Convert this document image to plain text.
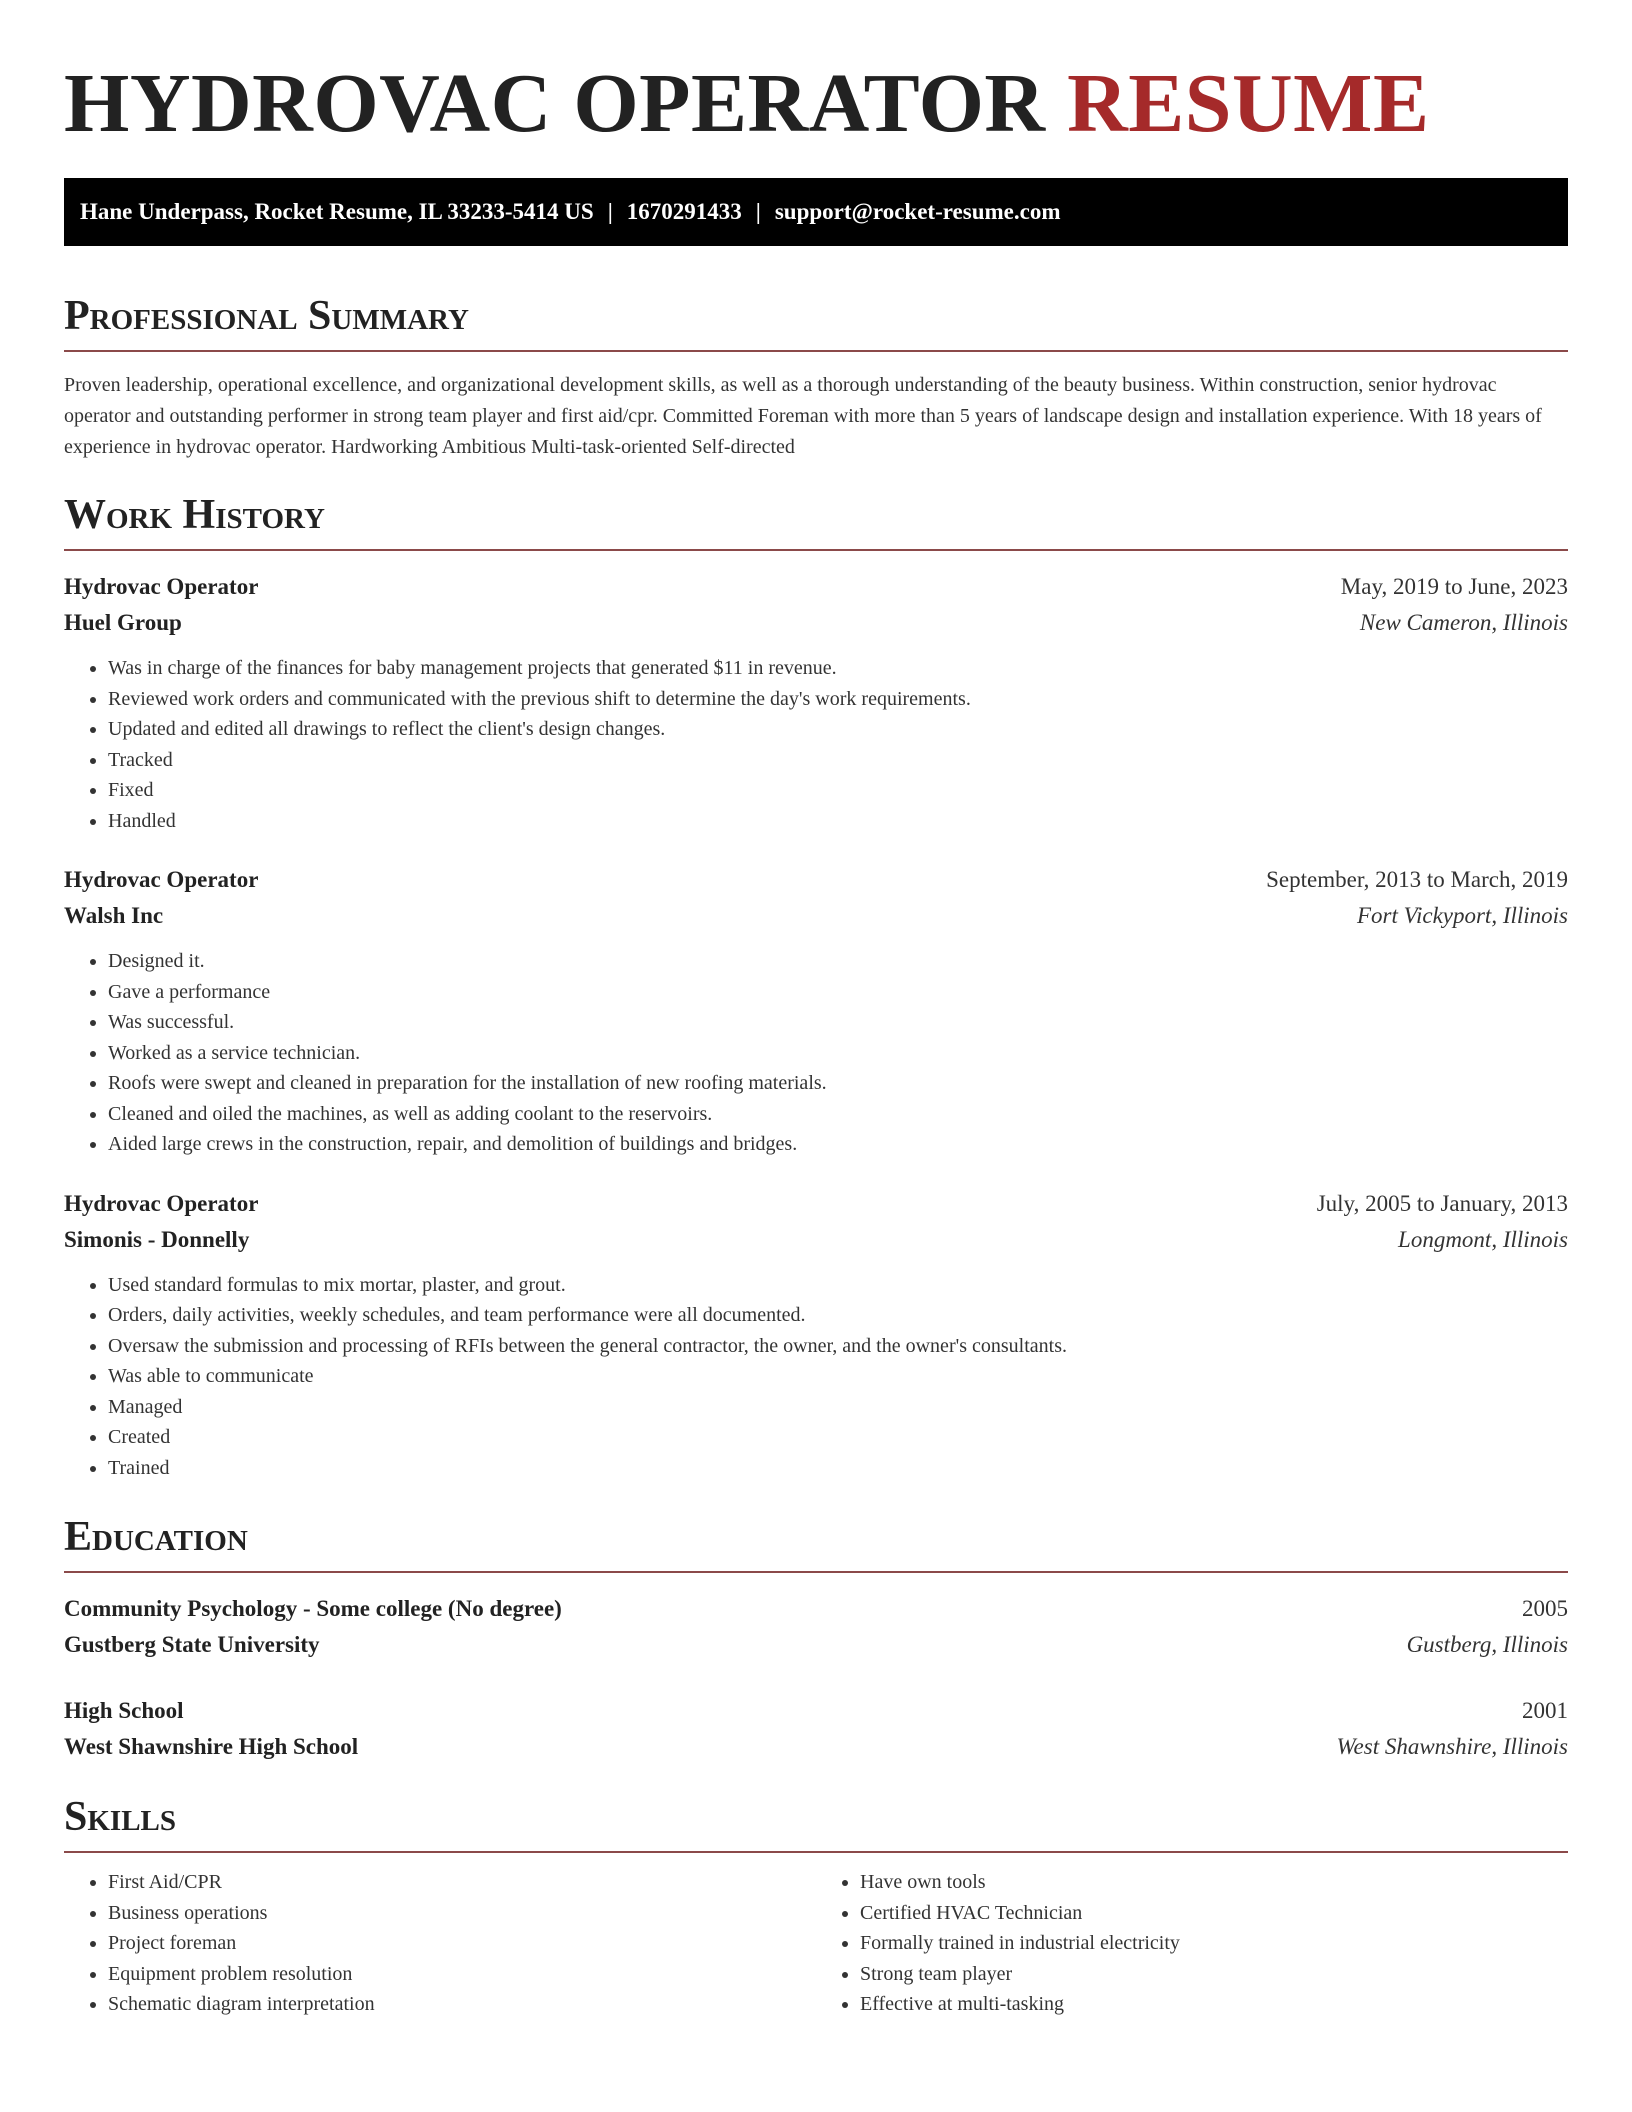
HYDROVAC OPERATOR RESUME
Hane Underpass, Rocket Resume, IL 33233-5414 US | 1670291433 | support@rocket-resume.com
Professional Summary

Proven leadership, operational excellence, and organizational development skills, as well as a thorough understanding of the beauty business. Within construction, senior hydrovac operator and outstanding performer in strong team player and first aid/cpr. Committed Foreman with more than 5 years of landscape design and installation experience. With 18 years of experience in hydrovac operator. Hardworking Ambitious Multi-task-oriented Self-directed

Work History
Hydrovac Operator	May, 2019 to June, 2023
Huel Group	New Cameron, Illinois
• Was in charge of the finances for baby management projects that generated $11 in revenue.
• Reviewed work orders and communicated with the previous shift to determine the day's work requirements.
• Updated and edited all drawings to reflect the client's design changes.
• Tracked
• Fixed
• Handled
Hydrovac Operator	September, 2013 to March, 2019
Walsh Inc	Fort Vickyport, Illinois
• Designed it.
• Gave a performance
• Was successful.
• Worked as a service technician.
• Roofs were swept and cleaned in preparation for the installation of new roofing materials.
• Cleaned and oiled the machines, as well as adding coolant to the reservoirs.
• Aided large crews in the construction, repair, and demolition of buildings and bridges.
Hydrovac Operator	July, 2005 to January, 2013
Simonis - Donnelly	Longmont, Illinois
• Used standard formulas to mix mortar, plaster, and grout.
• Orders, daily activities, weekly schedules, and team performance were all documented.
• Oversaw the submission and processing of RFIs between the general contractor, the owner, and the owner's consultants.
• Was able to communicate
• Managed
• Created
• Trained
Education
Community Psychology - Some college (No degree)	2005
Gustberg State University	Gustberg, Illinois
High School	2001
West Shawnshire High School	West Shawnshire, Illinois
Skills
• First Aid/CPR
• Business operations
• Project foreman
• Equipment problem resolution
• Schematic diagram interpretation
• Have own tools
• Certified HVAC Technician
• Formally trained in industrial electricity
• Strong team player
• Effective at multi-tasking
